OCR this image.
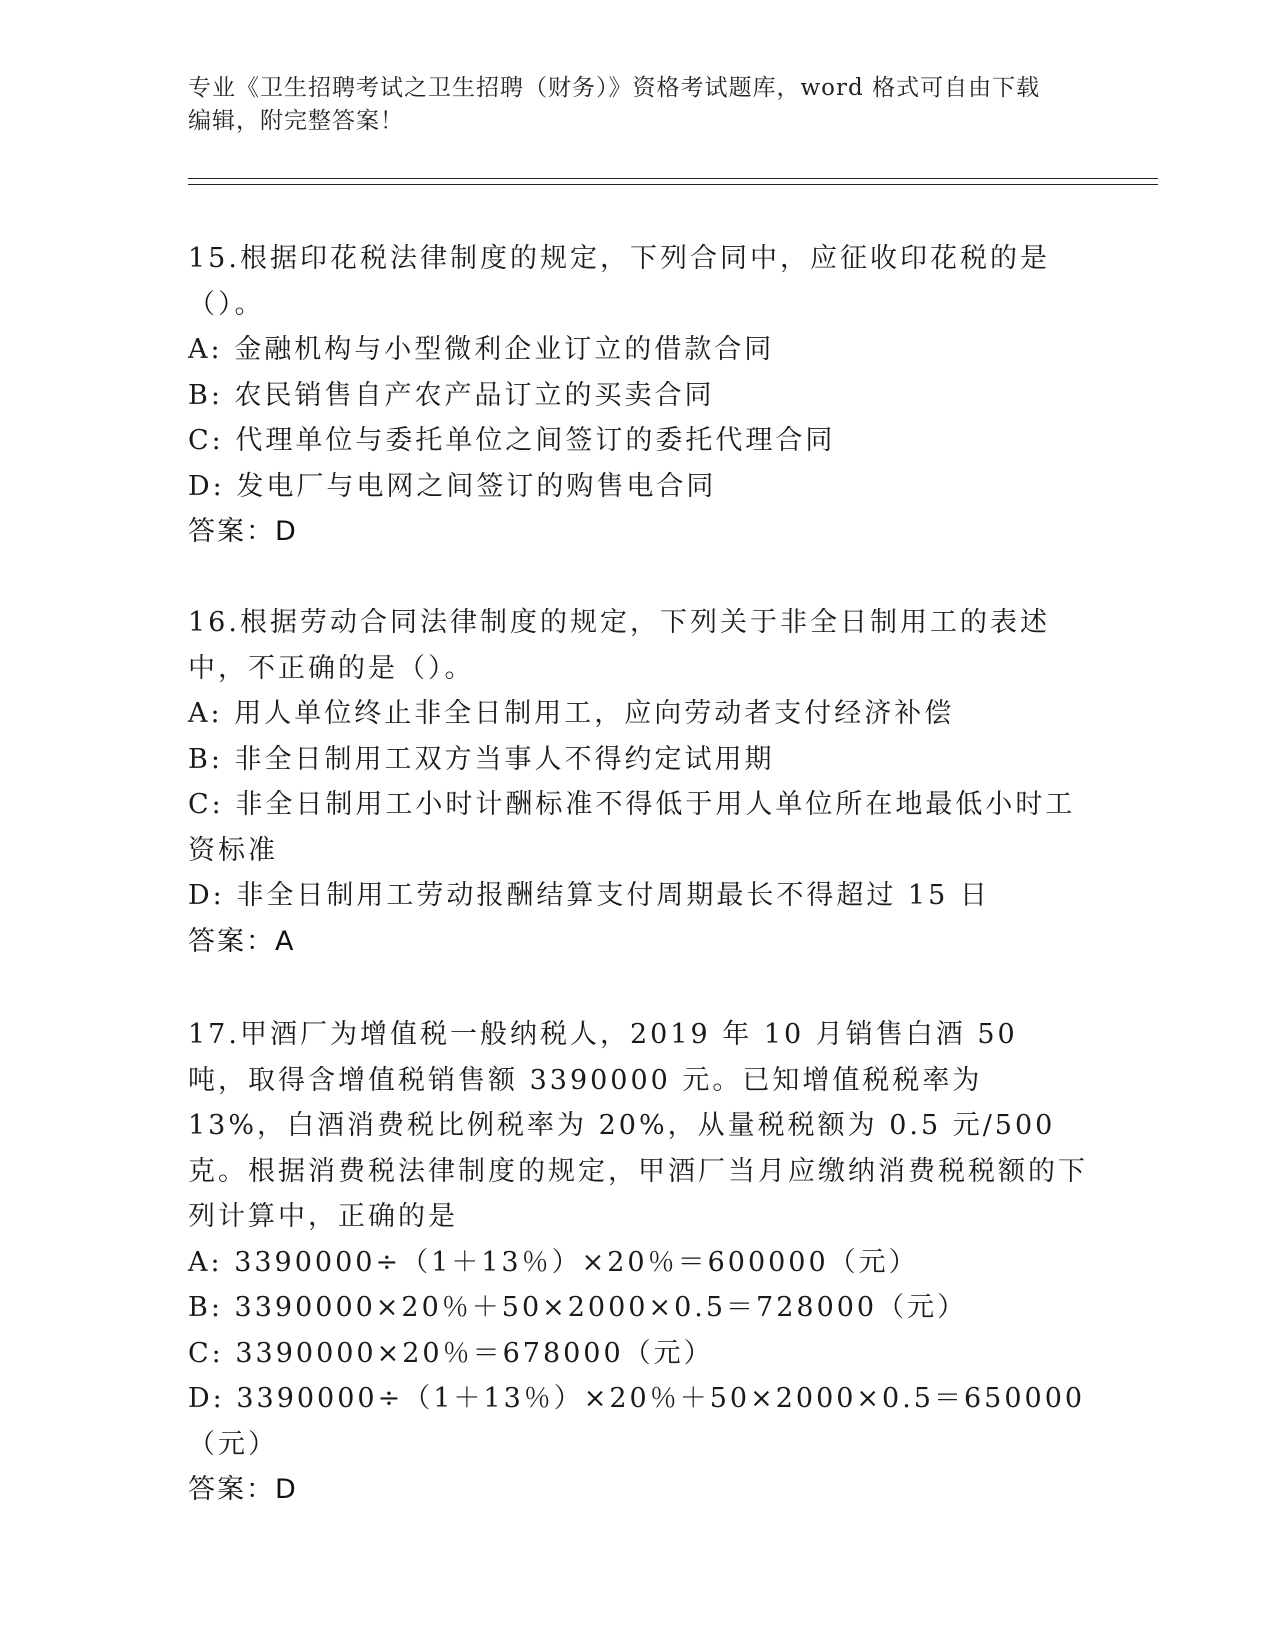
专业《卫生招聘考试之卫生招聘（财务）》资格考试题库，word 格式可自由下载
编辑，附完整答案！

15.根据印花税法律制度的规定，下列合同中，应征收印花税的是（）。

A: 金融机构与小型微利企业订立的借款合同

B: 农民销售自产农产品订立的买卖合同

C: 代理单位与委托单位之间签订的委托代理合同

D: 发电厂与电网之间签订的购售电合同

答案：D

16.根据劳动合同法律制度的规定，下列关于非全日制用工的表述中，不正确的是（）。

A: 用人单位终止非全日制用工，应向劳动者支付经济补偿

B: 非全日制用工双方当事人不得约定试用期

C: 非全日制用工小时计酬标准不得低于用人单位所在地最低小时工资标准

D: 非全日制用工劳动报酬结算支付周期最长不得超过 15 日

答案：A

17.甲酒厂为增值税一般纳税人，2019 年 10 月销售白酒 50 吨，取得含增值税销售额 3390000 元。已知增值税税率为 13%，白酒消费税比例税率为 20%，从量税税额为 0.5 元/500 克。根据消费税法律制度的规定，甲酒厂当月应缴纳消费税税额的下列计算中，正确的是

A: 3390000÷（1＋13％）×20％＝600000（元）

B: 3390000×20％＋50×2000×0.5＝728000（元）

C: 3390000×20％＝678000（元）

D: 3390000÷（1＋13％）×20％＋50×2000×0.5＝650000（元）

答案：D
